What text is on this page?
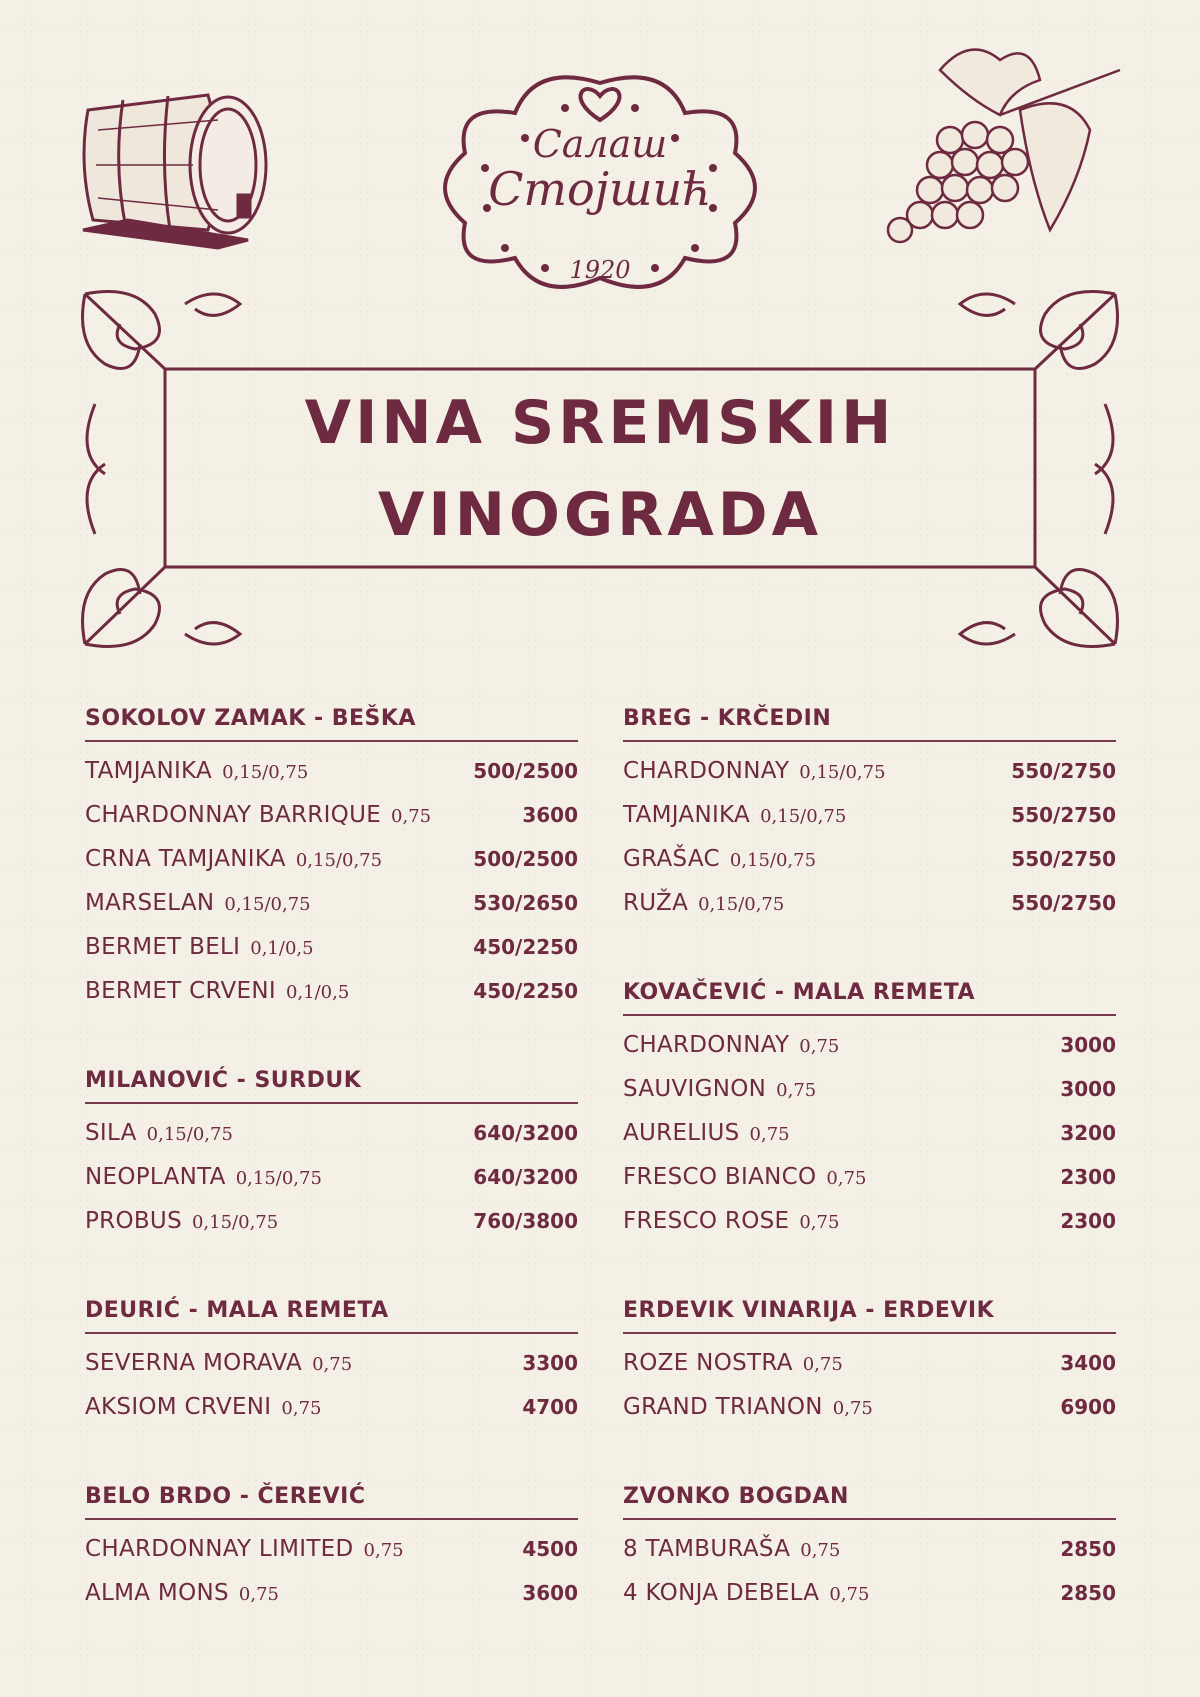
Салаш
Стојшић
1920
VINA SREMSKIH
VINOGRADA
SOKOLOV ZAMAK - BEŠKA
TAMJANIKA 0,15/0,75	500/2500
CHARDONNAY BARRIQUE 0,75	3600
CRNA TAMJANIKA 0,15/0,75	500/2500
MARSELAN 0,15/0,75	530/2650
BERMET BELI 0,1/0,5	450/2250
BERMET CRVENI 0,1/0,5	450/2250
MILANOVIĆ - SURDUK
SILA 0,15/0,75	640/3200
NEOPLANTA 0,15/0,75	640/3200
PROBUS 0,15/0,75	760/3800
DEURIĆ - MALA REMETA
SEVERNA MORAVA 0,75	3300
AKSIOM CRVENI 0,75	4700
BELO BRDO - ČEREVIĆ
CHARDONNAY LIMITED 0,75	4500
ALMA MONS 0,75	3600
BREG - KRČEDIN
CHARDONNAY 0,15/0,75	550/2750
TAMJANIKA 0,15/0,75	550/2750
GRAŠAC 0,15/0,75	550/2750
RUŽA 0,15/0,75	550/2750
KOVAČEVIĆ - MALA REMETA
CHARDONNAY 0,75	3000
SAUVIGNON 0,75	3000
AURELIUS 0,75	3200
FRESCO BIANCO 0,75	2300
FRESCO ROSE 0,75	2300
ERDEVIK VINARIJA - ERDEVIK
ROZE NOSTRA 0,75	3400
GRAND TRIANON 0,75	6900
ZVONKO BOGDAN
8 TAMBURAŠA 0,75	2850
4 KONJA DEBELA 0,75	2850
